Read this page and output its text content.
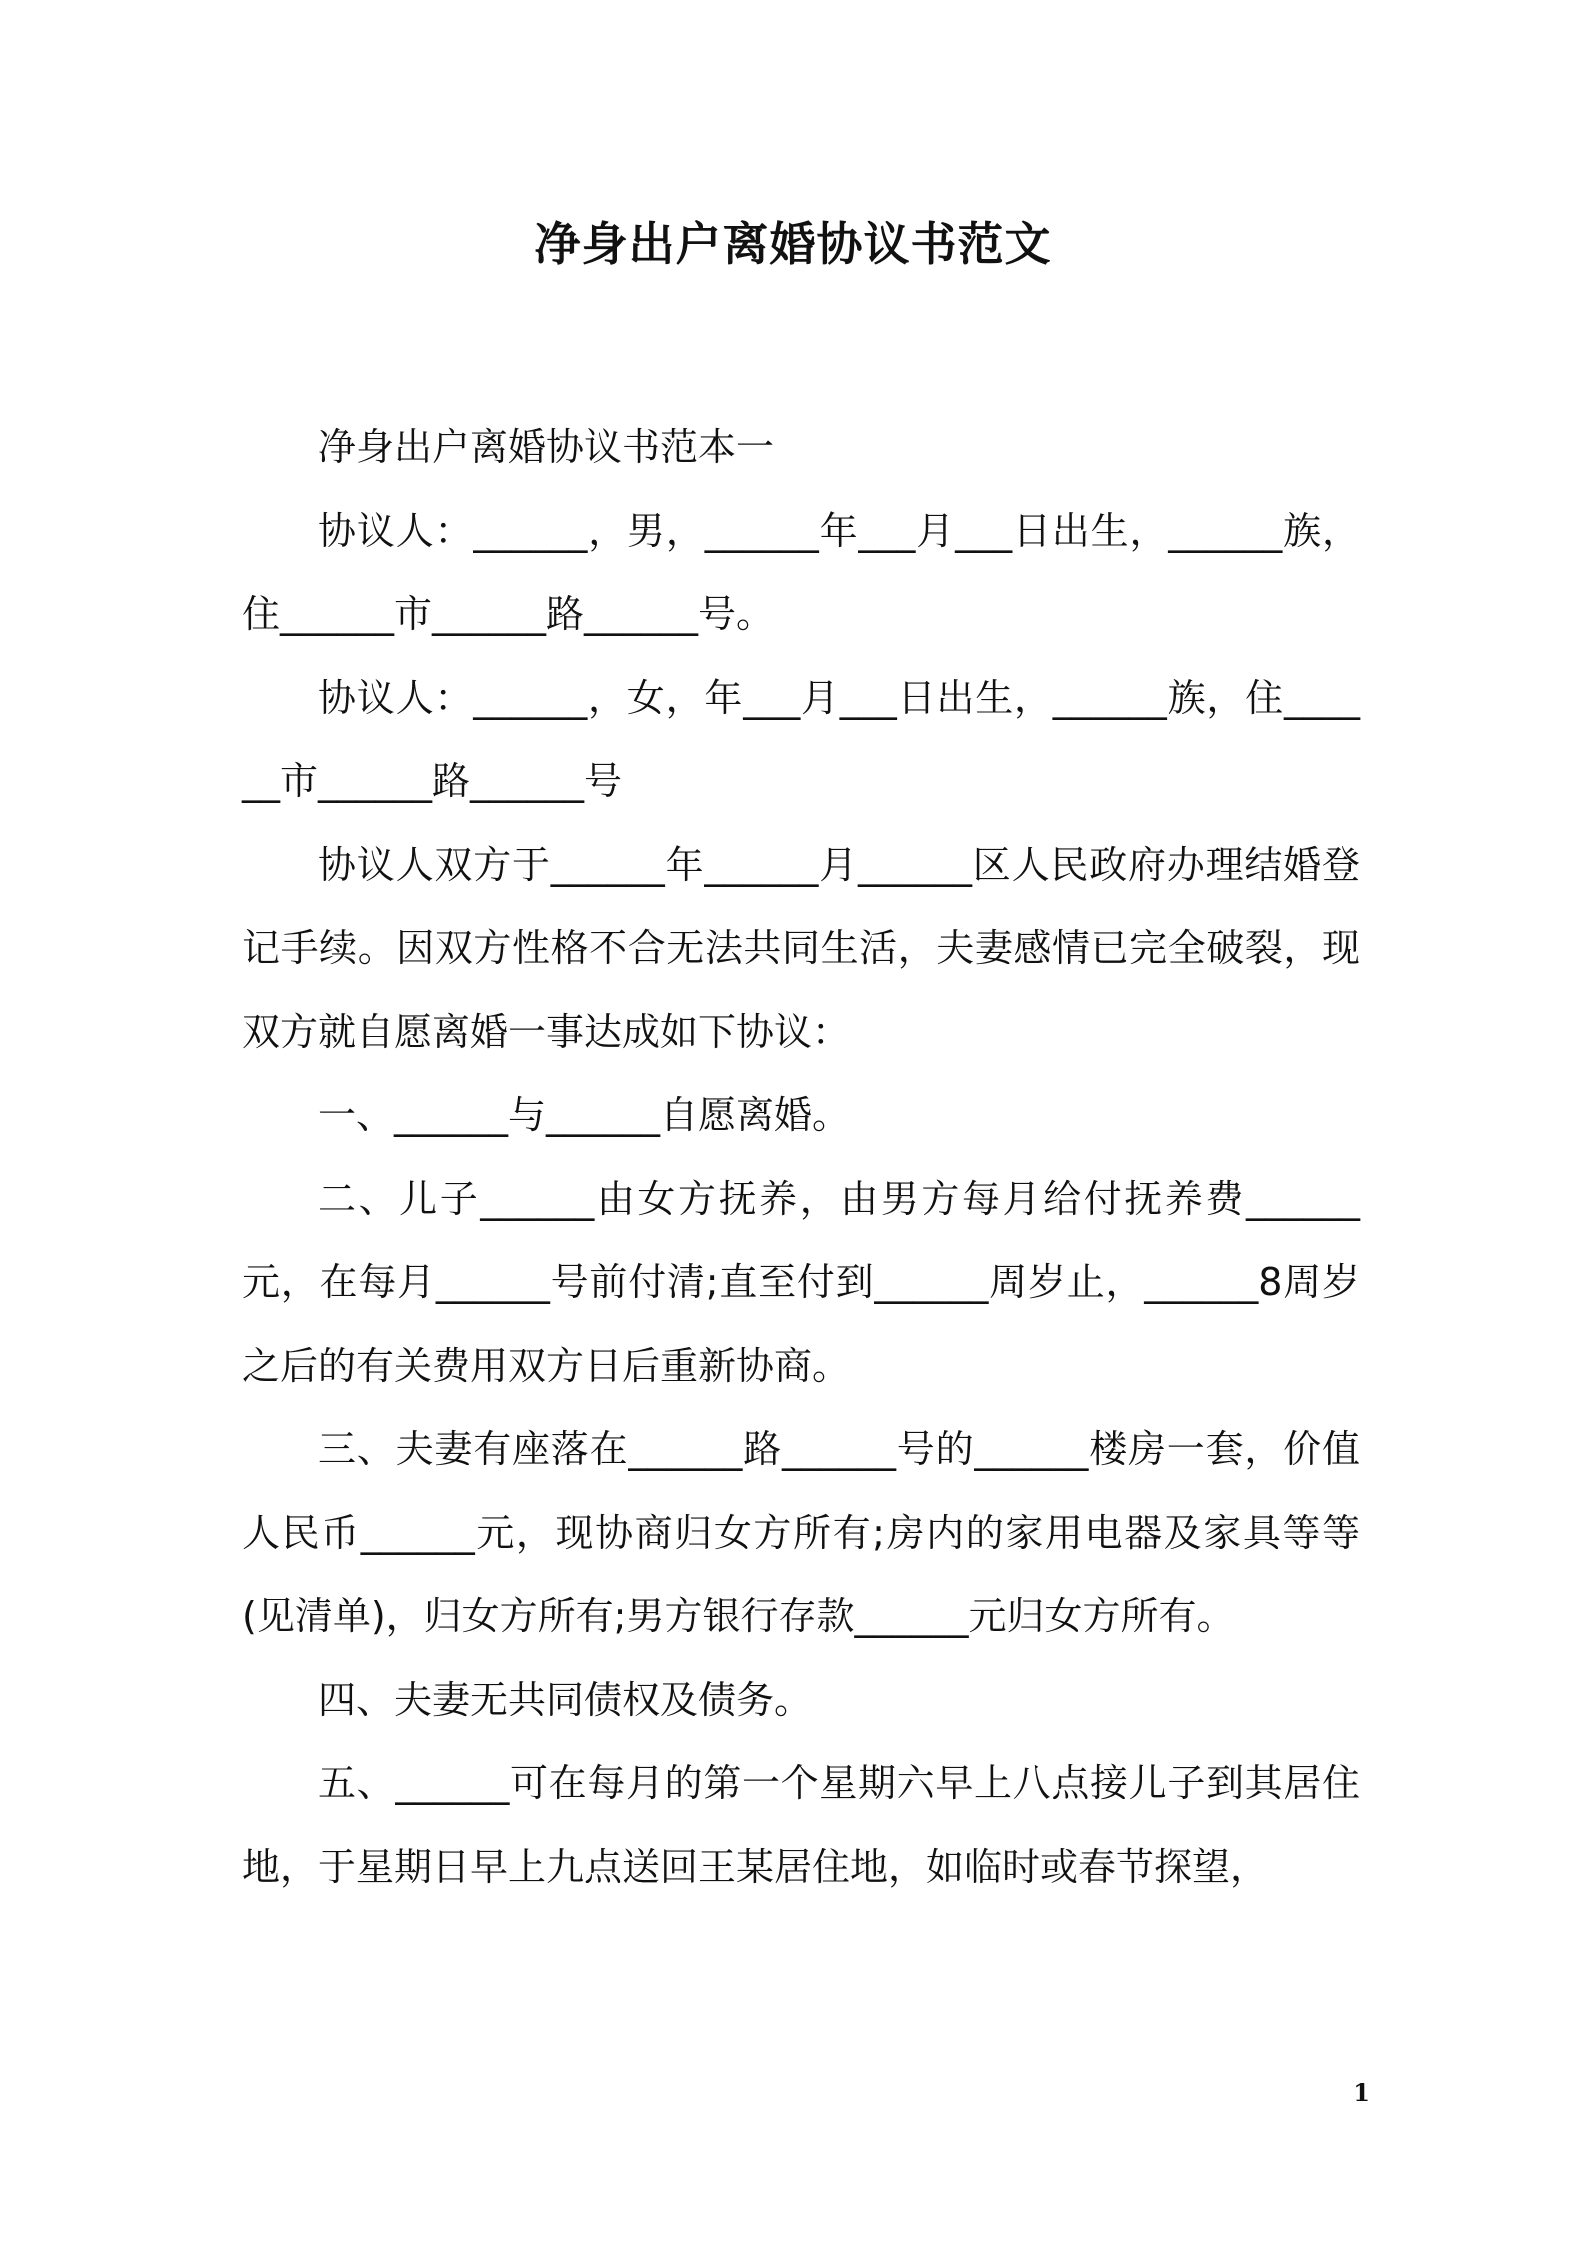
净身出户离婚协议书范文

净身出户离婚协议书范本一

协议人：______，男，______年___月___日出生，______族，住______市______路______号。

协议人：______，女，年___月___日出生，______族，住______市______路______号

协议人双方于______年______月______区人民政府办理结婚登记手续。因双方性格不合无法共同生活，夫妻感情已完全破裂，现双方就自愿离婚一事达成如下协议：

一、______与______自愿离婚。

二、儿子______由女方抚养，由男方每月给付抚养费______元，在每月______号前付清;直至付到______周岁止，______8周岁之后的有关费用双方日后重新协商。

三、夫妻有座落在______路______号的______楼房一套，价值人民币______元，现协商归女方所有;房内的家用电器及家具等等(见清单)，归女方所有;男方银行存款______元归女方所有。

四、夫妻无共同债权及债务。

五、______可在每月的第一个星期六早上八点接儿子到其居住地，于星期日早上九点送回王某居住地，如临时或春节探望，

1
